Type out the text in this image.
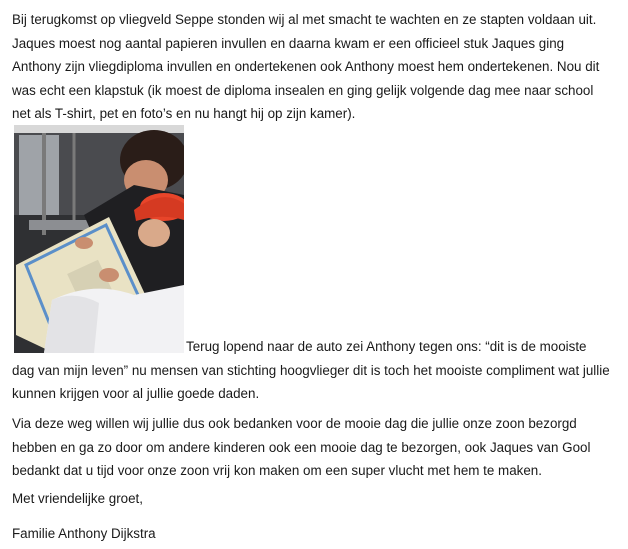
Bij terugkomst op vliegveld Seppe stonden wij al met smacht te wachten en ze stapten voldaan uit. Jaques moest nog aantal papieren invullen en daarna kwam er een officieel stuk Jaques ging Anthony zijn vliegdiploma invullen en ondertekenen ook Anthony moest hem ondertekenen. Nou dit was echt een klapstuk (ik moest de diploma insealen en ging gelijk volgende dag mee naar school net als T-shirt, pet en foto’s en nu hangt hij op zijn kamer).

Terug lopend naar de auto zei Anthony tegen ons: “dit is de mooiste dag van mijn leven” nu mensen van stichting hoogvlieger dit is toch het mooiste compliment wat jullie kunnen krijgen voor al jullie goede daden.

Via deze weg willen wij jullie dus ook bedanken voor de mooie dag die jullie onze zoon bezorgd hebben en ga zo door om andere kinderen ook een mooie dag te bezorgen, ook Jaques van Gool bedankt dat u tijd voor onze zoon vrij kon maken om een super vlucht met hem te maken.

Met vriendelijke groet,

Familie Anthony Dijkstra
